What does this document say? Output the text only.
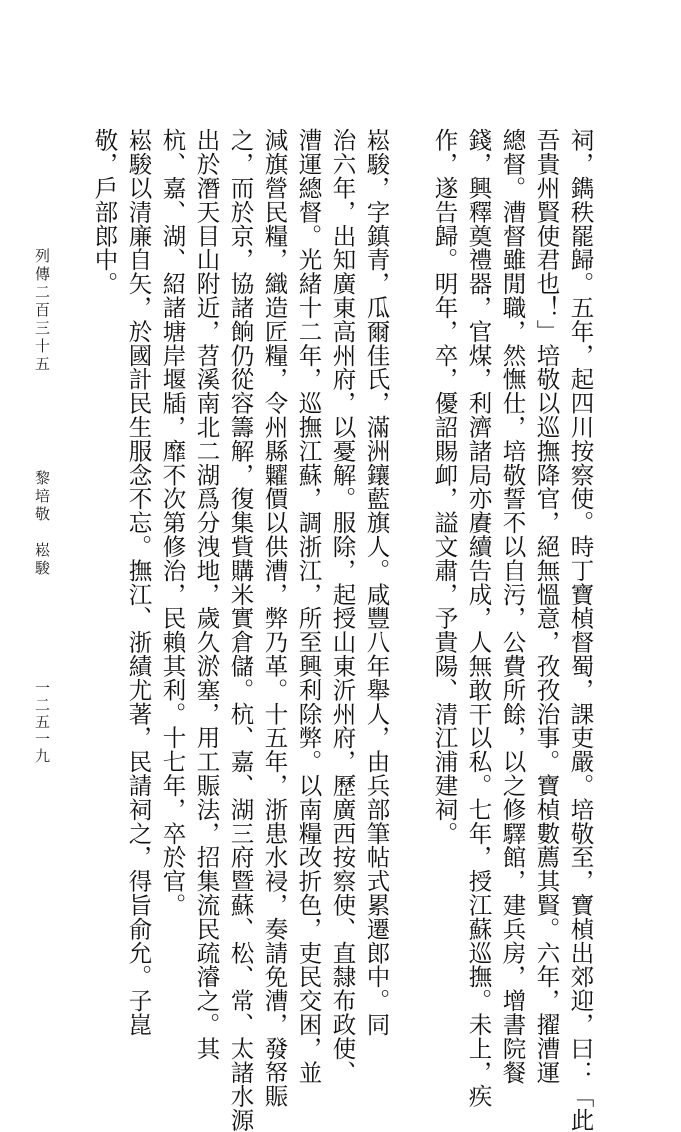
祠，鐫秩罷歸。五年，起四川按察使。時丁寶楨督蜀，課吏嚴。培敬至，寶楨出郊迎，曰：「此
吾貴州賢使君也！」培敬以巡撫降官，絕無慍意，孜孜治事。寶楨數薦其賢。六年，擢漕運
總督。漕督雖閒職，然憮仕，培敬誓不以自污，公費所餘，以之修驛館，建兵房，增書院餐
錢，興釋奠禮器，官煤，利濟諸局亦賡續告成，人無敢干以私。七年，授江蘇巡撫。未上，疾
作，遂告歸。明年，卒，優詔賜卹，謚文肅，予貴陽、清江浦建祠。
崧駿，字鎮青，瓜爾佳氏，滿洲鑲藍旗人。咸豐八年舉人，由兵部筆帖式累遷郎中。同
治六年，出知廣東高州府，以憂解。服除，起授山東沂州府，歷廣西按察使、直隸布政使、
漕運總督。光緒十二年，巡撫江蘇，調浙江，所至興利除弊。以南糧改折色，吏民交困，並
減旗營民糧，織造匠糧，令州縣糶價以供漕，弊乃革。十五年，浙患水祲，奏請免漕，發帑賑
之，而於京，協諸餉仍從容籌解，復集貲購米實倉儲。杭、嘉、湖三府暨蘇、松、常、太諸水源
出於潛天目山附近，苕溪南北二湖爲分洩地，歲久淤塞，用工賑法，招集流民疏濬之。其
杭、嘉、湖、紹諸塘岸堰牐，靡不次第修治，民賴其利。十七年，卒於官。
崧駿以清廉自矢，於國計民生服念不忘。撫江、浙績尤著，民請祠之，得旨俞允。子崑
敬，戶部郎中。
列傳二百三十五
黎培敬　崧駿
一二五一九
